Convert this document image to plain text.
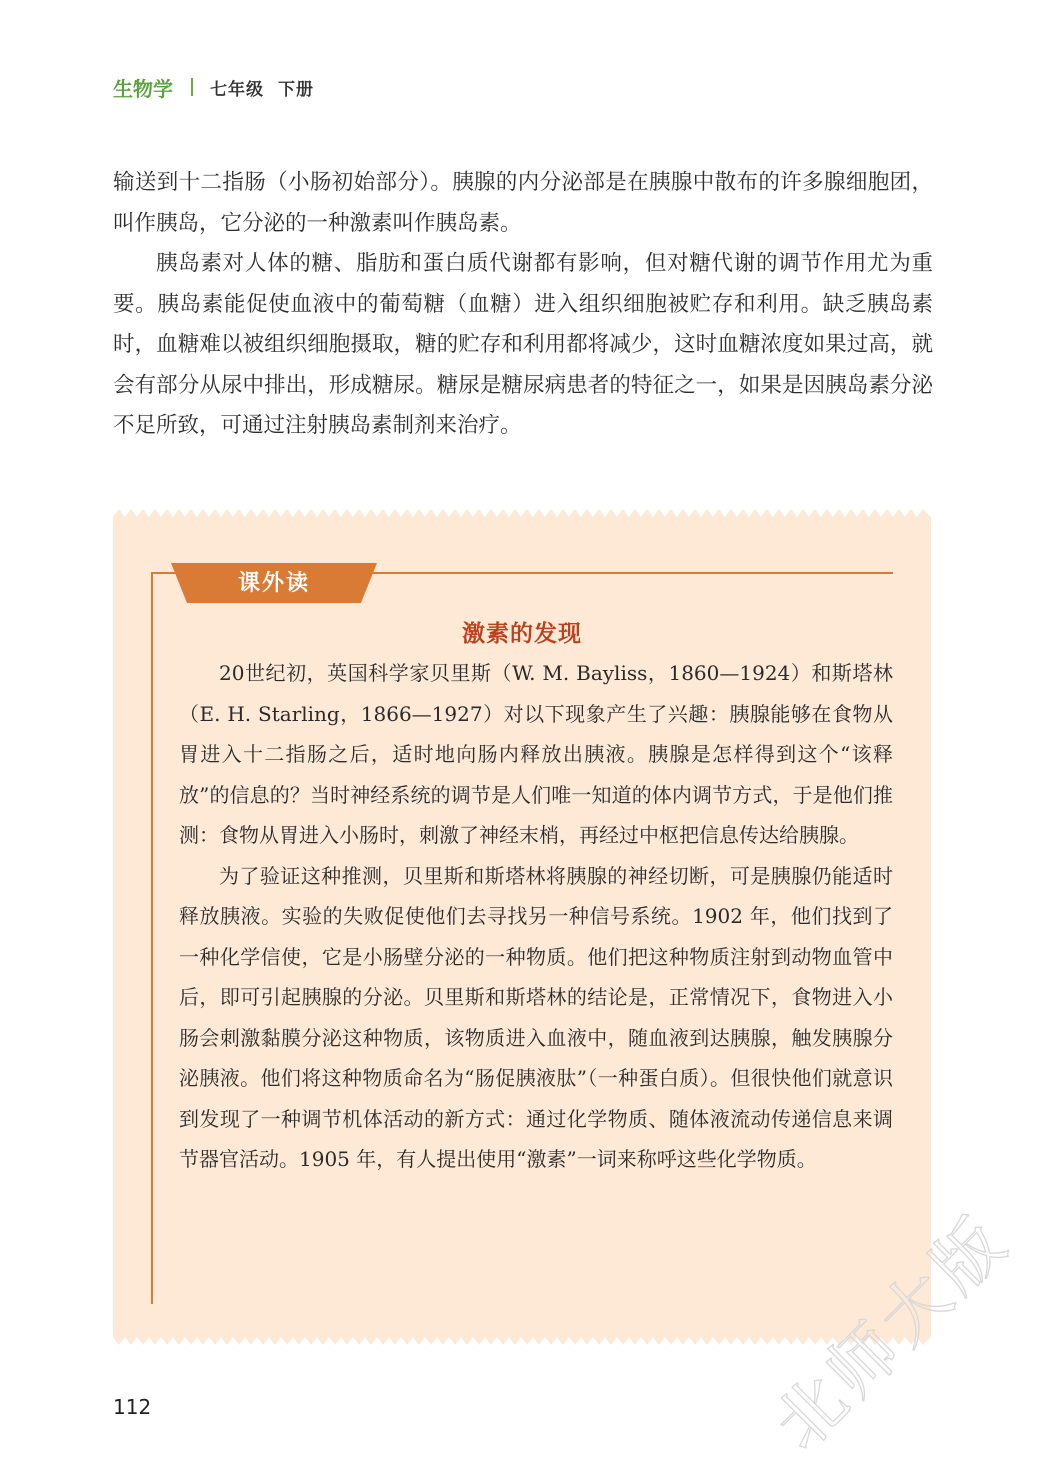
生物学 七年级 下册

输送到十二指肠（小肠初始部分）。胰腺的内分泌部是在胰腺中散布的许多腺细胞团，叫作胰岛，它分泌的一种激素叫作胰岛素。

胰岛素对人体的糖、脂肪和蛋白质代谢都有影响，但对糖代谢的调节作用尤为重要。胰岛素能促使血液中的葡萄糖（血糖）进入组织细胞被贮存和利用。缺乏胰岛素时，血糖难以被组织细胞摄取，糖的贮存和利用都将减少，这时血糖浓度如果过高，就会有部分从尿中排出，形成糖尿。糖尿是糖尿病患者的特征之一，如果是因胰岛素分泌不足所致，可通过注射胰岛素制剂来治疗。

课外读
激素的发现

20世纪初，英国科学家贝里斯（W. M. Bayliss，1860—1924）和斯塔林（E. H. Starling，1866—1927）对以下现象产生了兴趣：胰腺能够在食物从胃进入十二指肠之后，适时地向肠内释放出胰液。胰腺是怎样得到这个“该释放”的信息的？当时神经系统的调节是人们唯一知道的体内调节方式，于是他们推测：食物从胃进入小肠时，刺激了神经末梢，再经过中枢把信息传达给胰腺。

为了验证这种推测，贝里斯和斯塔林将胰腺的神经切断，可是胰腺仍能适时释放胰液。实验的失败促使他们去寻找另一种信号系统。1902 年，他们找到了一种化学信使，它是小肠壁分泌的一种物质。他们把这种物质注射到动物血管中后，即可引起胰腺的分泌。贝里斯和斯塔林的结论是，正常情况下，食物进入小肠会刺激黏膜分泌这种物质，该物质进入血液中，随血液到达胰腺，触发胰腺分泌胰液。他们将这种物质命名为“肠促胰液肽”（一种蛋白质）。但很快他们就意识到发现了一种调节机体活动的新方式：通过化学物质、随体液流动传递信息来调节器官活动。1905 年，有人提出使用“激素”一词来称呼这些化学物质。

112
